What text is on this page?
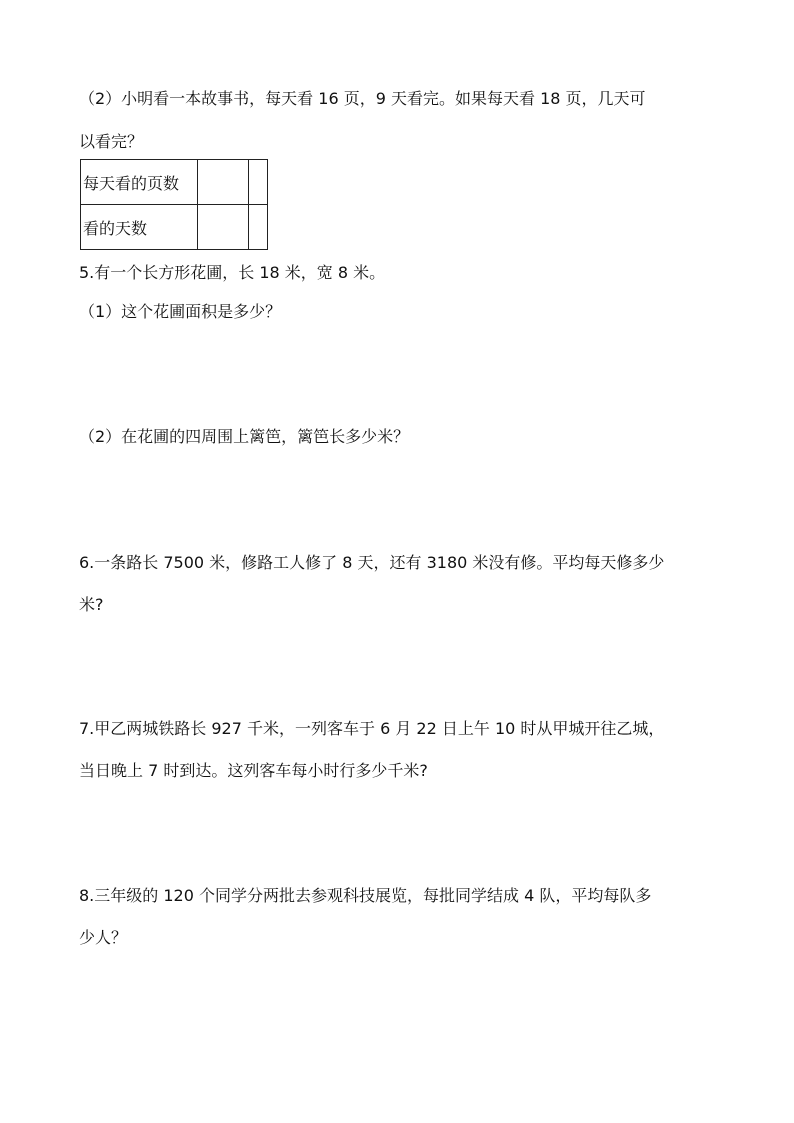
（2）小明看一本故事书，每天看 16 页，9 天看完。如果每天看 18 页，几天可
以看完？
每天看的页数		
看的天数		
5.有一个长方形花圃，长 18 米，宽 8 米。
（1）这个花圃面积是多少？
（2）在花圃的四周围上篱笆，篱笆长多少米？
6.一条路长 7500 米，修路工人修了 8 天，还有 3180 米没有修。平均每天修多少
米?
7.甲乙两城铁路长 927 千米，一列客车于 6 月 22 日上午 10 时从甲城开往乙城，
当日晚上 7 时到达。这列客车每小时行多少千米?
8.三年级的 120 个同学分两批去参观科技展览，每批同学结成 4 队，平均每队多
少人？
